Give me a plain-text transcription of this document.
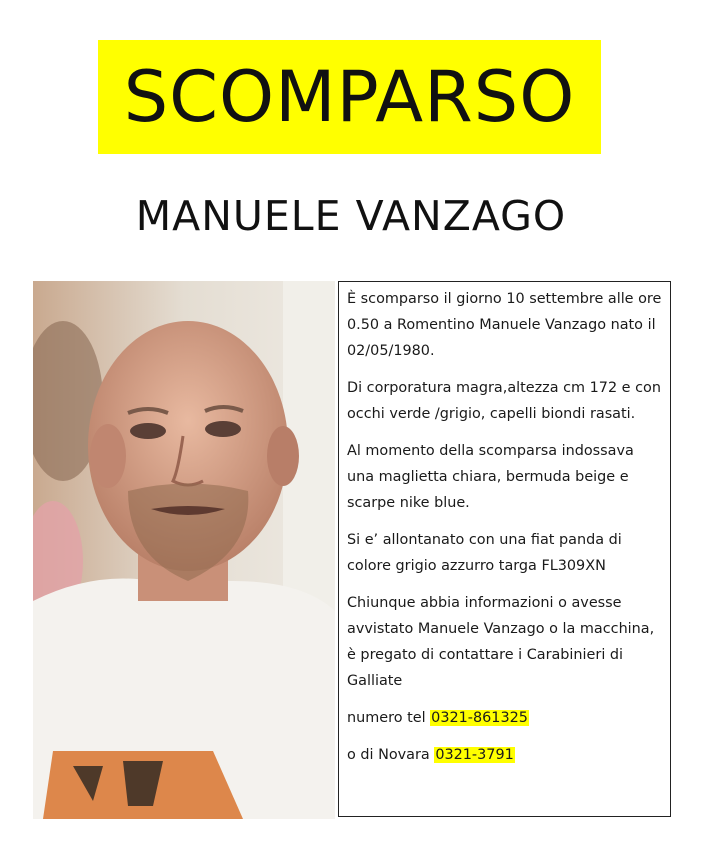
SCOMPARSO
MANUELE VANZAGO

È scomparso il giorno 10 settembre alle ore 0.50 a Romentino Manuele Vanzago nato il 02/05/1980.

Di corporatura magra,altezza cm 172 e con occhi verde /grigio, capelli biondi rasati.

Al momento della scomparsa indossava una maglietta chiara, bermuda beige e scarpe nike blue.

Si e’ allontanato con una fiat panda di colore grigio azzurro targa FL309XN

Chiunque abbia informazioni o avesse avvistato Manuele Vanzago o la macchina, è pregato di contattare i Carabinieri di Galliate

numero tel 0321-861325

o di Novara 0321-3791
